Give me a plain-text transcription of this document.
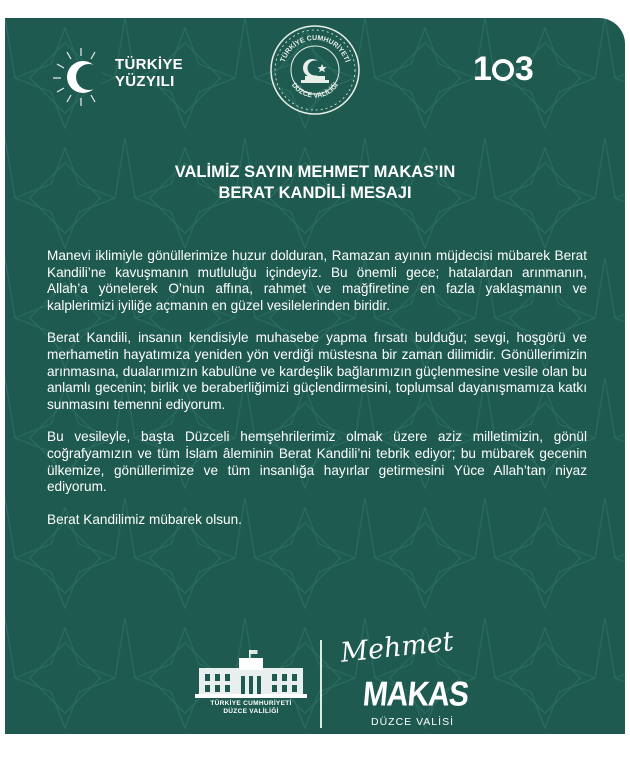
TÜRKİYE
YÜZYILI
TÜRKİYE CUMHURİYETİ
DÜZCE VALİLİĞİ	1 3
VALİMİZ SAYIN MEHMET MAKAS’IN
BERAT KANDİLİ MESAJI

Manevi iklimiyle gönüllerimize huzur dolduran, Ramazan ayının müjdecisi mübarek Berat Kandili’ne kavuşmanın mutluluğu içindeyiz. Bu önemli gece; hatalardan arınmanın, Allah’a yönelerek O’nun affına, rahmet ve mağfiretine en fazla yaklaşmanın ve kalplerimizi iyiliğe açmanın en güzel vesilelerinden biridir.

Berat Kandili, insanın kendisiyle muhasebe yapma fırsatı bulduğu; sevgi, hoşgörü ve merhametin hayatımıza yeniden yön verdiği müstesna bir zaman dilimidir. Gönüllerimizin arınmasına, dualarımızın kabulüne ve kardeşlik bağlarımızın güçlenmesine vesile olan bu anlamlı gecenin; birlik ve beraberliğimizi güçlendirmesini, toplumsal dayanışmamıza katkı sunmasını temenni ediyorum.

Bu vesileyle, başta Düzceli hemşehrilerimiz olmak üzere aziz milletimizin, gönül coğrafyamızın ve tüm İslam âleminin Berat Kandili’ni tebrik ediyor; bu mübarek gecenin ülkemize, gönüllerimize ve tüm insanlığa hayırlar getirmesini Yüce Allah’tan niyaz ediyorum.

Berat Kandilimiz mübarek olsun.

TÜRKİYE CUMHURİYETİ
DÜZCE VALİLİĞİ
Mehmet
MAKAS
DÜZCE VALİSİ
